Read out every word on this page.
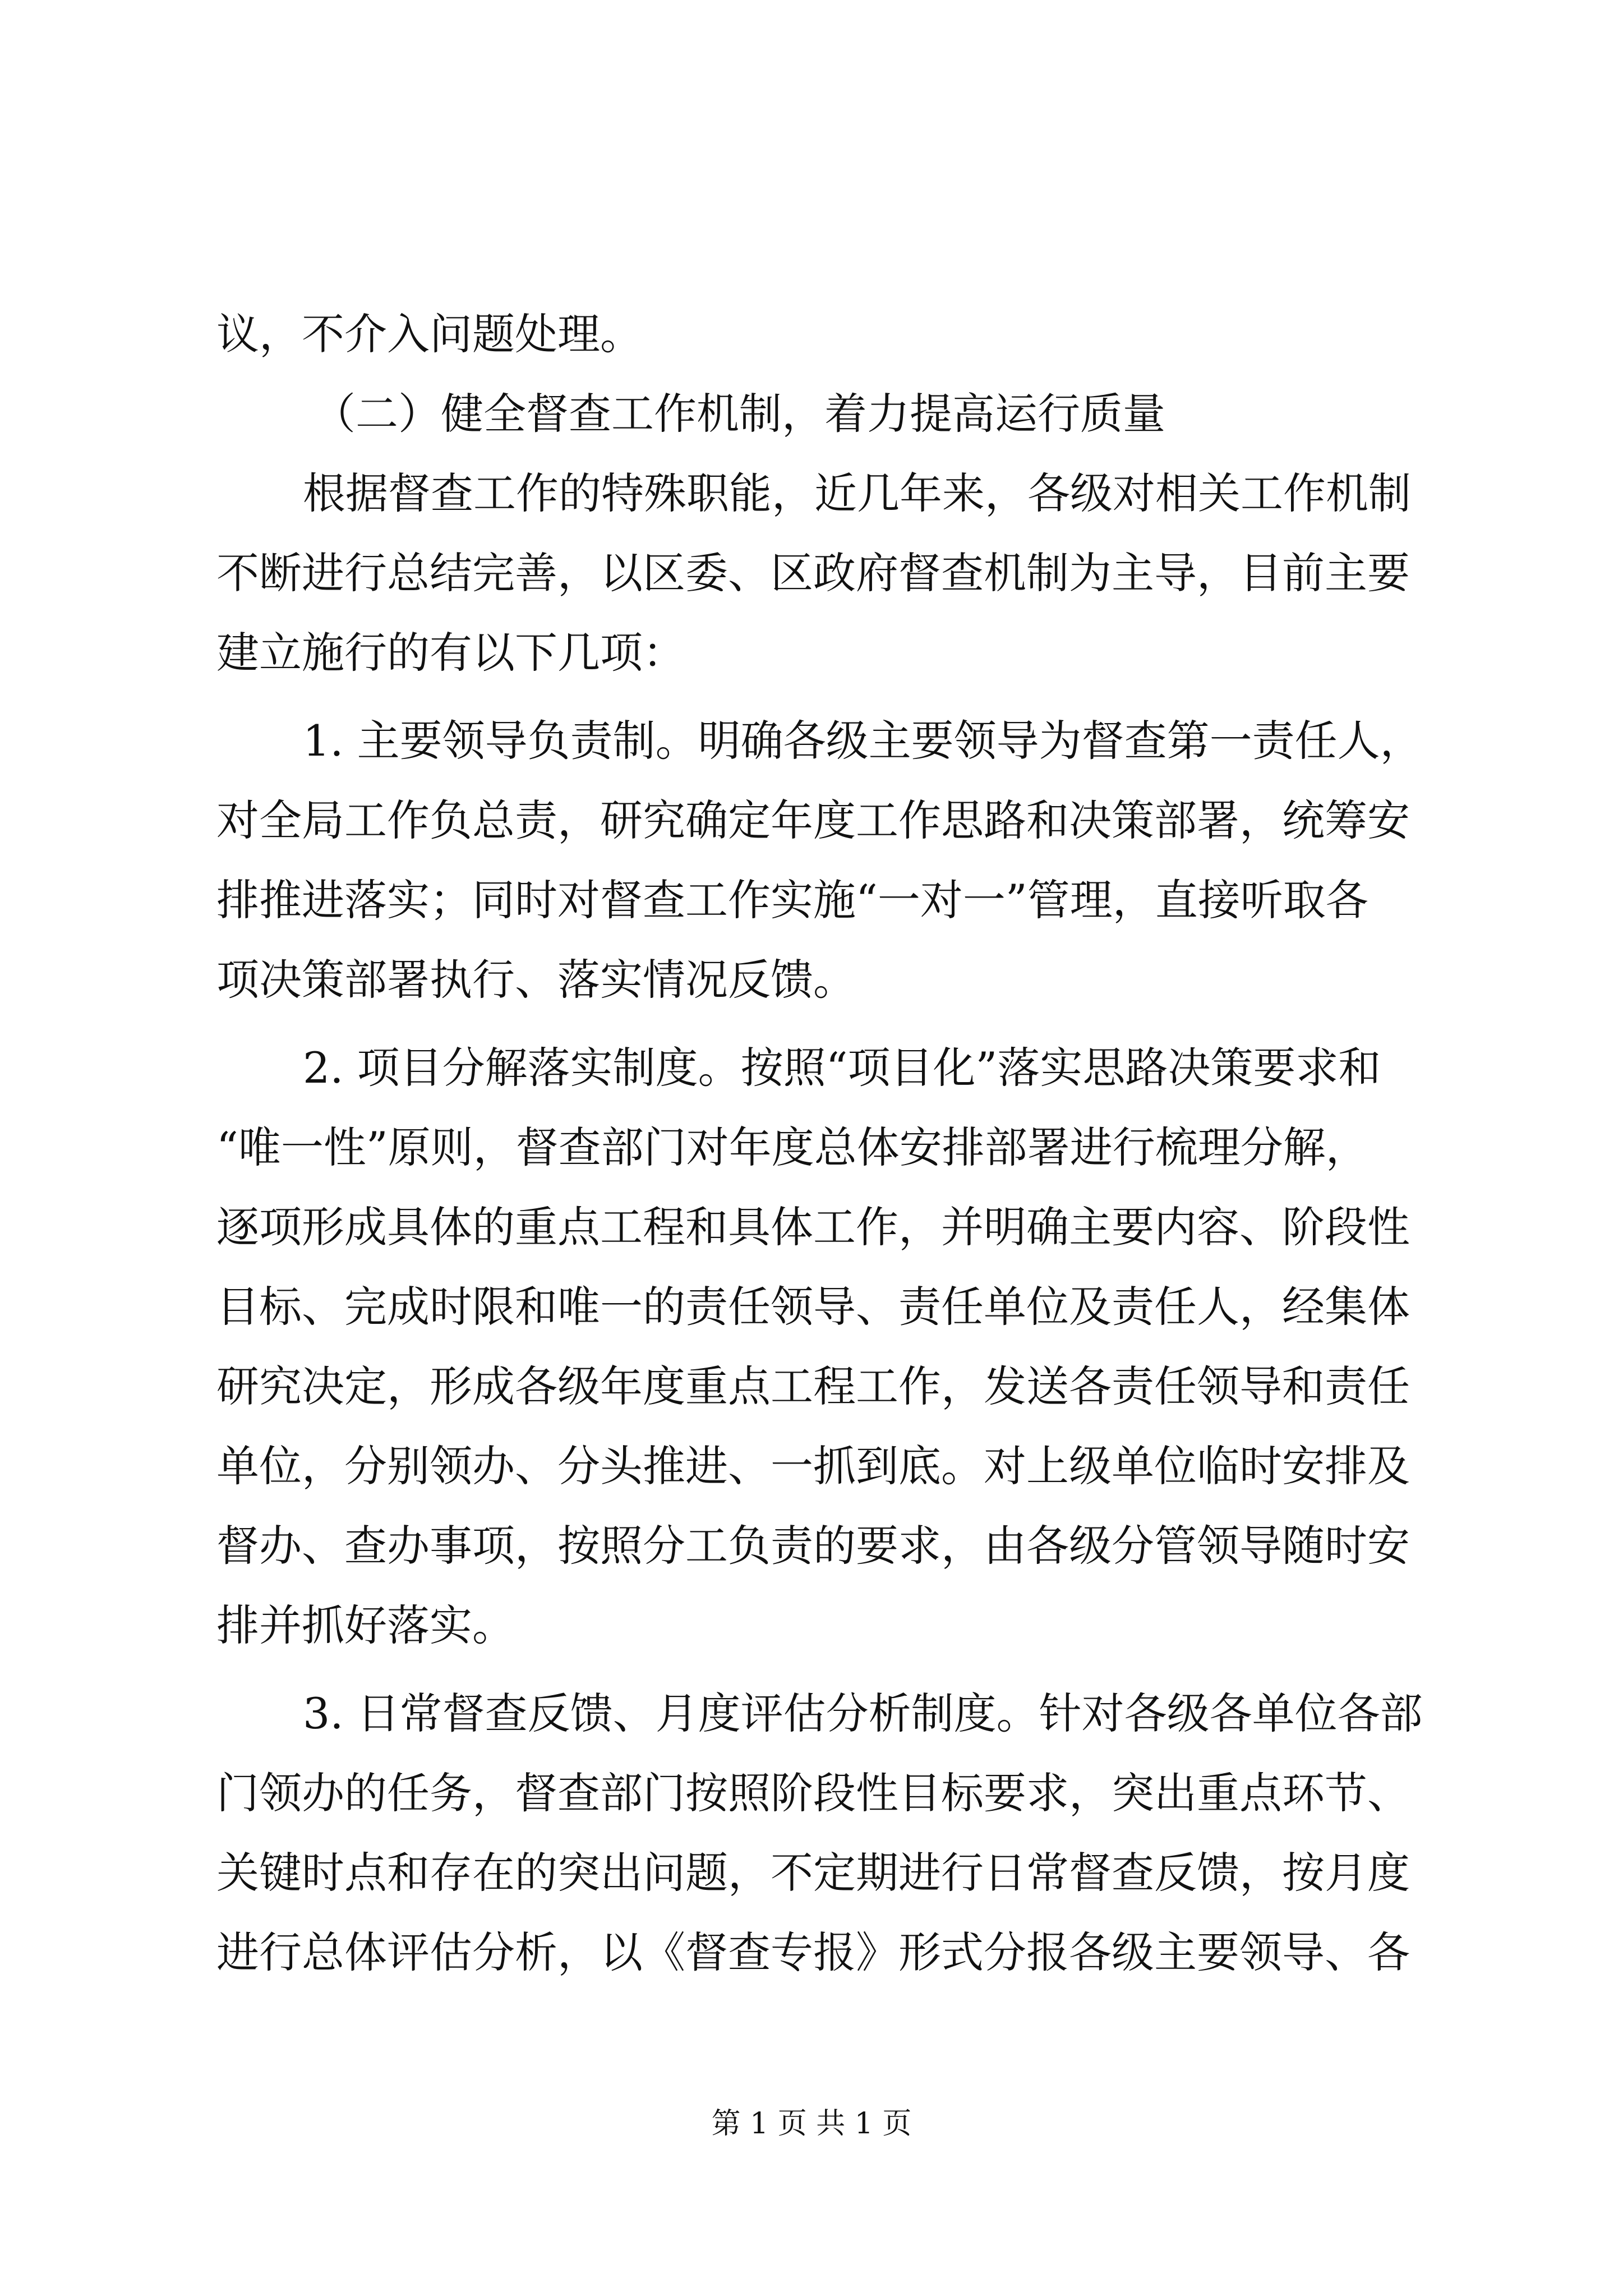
议，不介入问题处理。
（二）健全督查工作机制，着力提高运行质量
根据督查工作的特殊职能，近几年来，各级对相关工作机制
不断进行总结完善，以区委、区政府督查机制为主导，目前主要
建立施行的有以下几项：
1. 主要领导负责制。明确各级主要领导为督查第一责任人，
对全局工作负总责，研究确定年度工作思路和决策部署，统筹安
排推进落实；同时对督查工作实施“一对一”管理，直接听取各
项决策部署执行、落实情况反馈。
2. 项目分解落实制度。按照“项目化”落实思路决策要求和
“唯一性”原则，督查部门对年度总体安排部署进行梳理分解，
逐项形成具体的重点工程和具体工作，并明确主要内容、阶段性
目标、完成时限和唯一的责任领导、责任单位及责任人，经集体
研究决定，形成各级年度重点工程工作，发送各责任领导和责任
单位，分别领办、分头推进、一抓到底。对上级单位临时安排及
督办、查办事项，按照分工负责的要求，由各级分管领导随时安
排并抓好落实。
3. 日常督查反馈、月度评估分析制度。针对各级各单位各部
门领办的任务，督查部门按照阶段性目标要求，突出重点环节、
关键时点和存在的突出问题，不定期进行日常督查反馈，按月度
进行总体评估分析，以《督查专报》形式分报各级主要领导、各
第 1 页 共 1 页
